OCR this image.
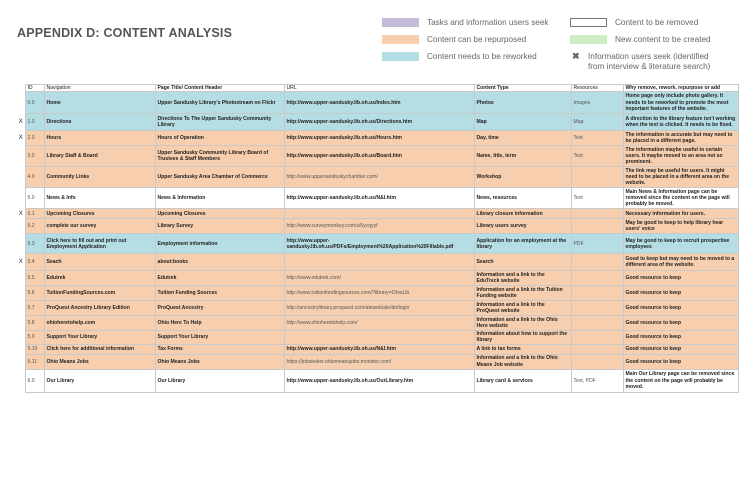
APPENDIX D: CONTENT ANALYSIS
Tasks and information users seek
Content can be repurposed
Content needs to be reworked
Content to be removed
New content to be created
✖	Information users seek (identified
from interview & literature search)
	ID	Navigation	Page Title/ Content Header	URL	Content Type	Resources	Why remove, rework, repurpose or add
	0.0	Home	Upper Sandusky Library's Photostream on Flickr	http://www.upper-sandusky.lib.oh.us/Index.htm	Photos	Images	Home page only include photo gallery. It needs to be reworked to promote the most important features of the website.
X	1.0	Directions	Directions To The Upper Sandusky Community Library	http://www.upper-sandusky.lib.oh.us/Directions.htm	Map	Map	A direction to the library feature isn't working when the text is clicked. It needs to be fixed.
X	2.0	Hours	Hours of Operation	http://www.upper-sandusky.lib.oh.us/Hours.htm	Day, time	Text	The information is accurate but may need to be placed in a different page.
	3.0	Library Staff & Board	Upper Sandusky Community Library Board of Trustees & Staff Members	http://www.upper-sandusky.lib.oh.us/Board.htm	Name, title, term	Text	The information maybe useful to certain users. It maybe moved to an area not so prominent.
	4.0	Community Links	Upper Sandusky Area Chamber of Commerce	http://www.uppersanduskychamber.com/	Workshop		The link may be useful for users. It might need to be placed in a different area on the website.
	5.0	News & Info	News & Information	http://www.upper-sandusky.lib.oh.us/N&I.htm	News, resources	Text	Main News & Information page can be removed since the content on the page will probably be moved.
X	5.1	Upcoming Closures	Upcoming Closures		Library closure information		Necessary information for users.
	5.2	complete our survey	Library Survey	http://www.surveymonkey.com/s/6ycqyyf	Library users survey		May be good to keep to help library hear users' voice
	5.3	Click here to fill out and print out Employment Application	Employment information	http://www.upper-sandusky.lib.oh.us/PDFs/Employment%20Application%20Fillable.pdf	Application for an employment at the library	PDF	May be good to keep to recruit prospective employees
X	5.4	Seach	about:books		Search		Good to keep but may need to be moved to a different area of the website.
	5.5	Edutrek	Edutrek	http://www.edutrek.com/	Information and a link to the EduTreck website		Good resource to keep
	5.6	TuitionFundingSources.com	Tuition Funding Sources	http://www.tuitionfundingsources.com/?library=OhioLib	Information and a link to the Tuition Funding website		Good resource to keep
	5.7	ProQuest Ancestry Library Edition	ProQuest Ancestry	http://ancestrylibrary.proquest.com/aleweb/ale/do/login	Information and a link to the ProQuest website		Good resource to keep
	5.8	ohioheretohelp.com	Ohio Here To Help	http://www.ohioheretohelp.com/	Information and a link to the Ohio Here website		Good resource to keep
	5.9	Support Your Library	Support Your Library		Information about how to support the library		Good resource to keep
	5.10	Click here for additional information	Tax Forms	http://www.upper-sandusky.lib.oh.us/N&I.htm	A link to tax forms		Good resource to keep
	5.11	Ohio Means Jobs	Ohio Means Jobs	https://jobseeker.ohiomeansjobs.monster.com/	Information and a link to the Ohio Means Job website		Good resource to keep
	6.0	Our Library	Our Library	http://www.upper-sandusky.lib.oh.us/OurLibrary.htm	Library card & services	Text, PDF	Main Our Library page can be removed since the content on the page will probably be moved.
